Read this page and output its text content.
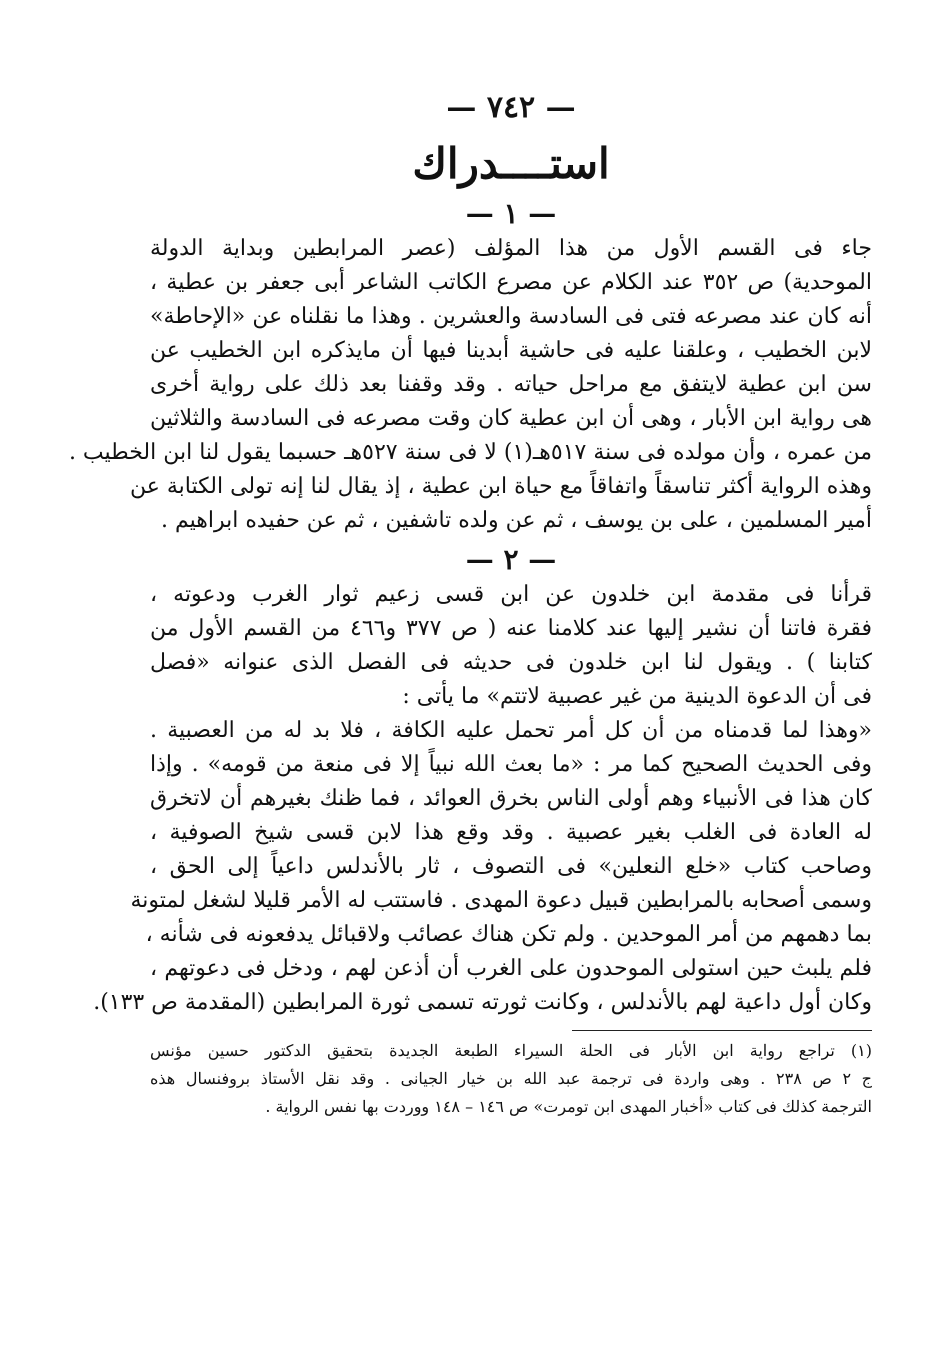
— ٧٤٢ —
استــــدراك
— ١ —
جاء فى القسم الأول من هذا المؤلف (عصر المرابطين وبداية الدولة
الموحدية) ص ٣٥٢ عند الكلام عن مصرع الكاتب الشاعر أبى جعفر بن عطية ،
أنه كان عند مصرعه فتى فى السادسة والعشرين . وهذا ما نقلناه عن «الإحاطة»
لابن الخطيب ، وعلقنا عليه فى حاشية أبدينا فيها أن مايذكره ابن الخطيب عن
سن ابن عطية لايتفق مع مراحل حياته . وقد وقفنا بعد ذلك على رواية أخرى
هى رواية ابن الأبار ، وهى أن ابن عطية كان وقت مصرعه فى السادسة والثلاثين
من عمره ، وأن مولده فى سنة ٥١٧هـ(١) لا فى سنة ٥٢٧هـ حسبما يقول لنا ابن الخطيب .
وهذه الرواية أكثر تناسقاً واتفاقاً مع حياة ابن عطية ، إذ يقال لنا إنه تولى الكتابة عن
أمير المسلمين ، على بن يوسف ، ثم عن ولده تاشفين ، ثم عن حفيده ابراهيم .
— ٢ —
قرأنا فى مقدمة ابن خلدون عن ابن قسى زعيم ثوار الغرب ودعوته ،
فقرة فاتنا أن نشير إليها عند كلامنا عنه ( ص ٣٧٧ و٤٦٦ من القسم الأول من
كتابنا ) . ويقول لنا ابن خلدون فى حديثه فى الفصل الذى عنوانه «فصل
فى أن الدعوة الدينية من غير عصبية لاتتم» ما يأتى :
«وهذا لما قدمناه من أن كل أمر تحمل عليه الكافة ، فلا بد له من العصبية .
وفى الحديث الصحيح كما مر : «ما بعث الله نبياً إلا فى منعة من قومه» . وإذا
كان هذا فى الأنبياء وهم أولى الناس بخرق العوائد ، فما ظنك بغيرهم أن لاتخرق
له العادة فى الغلب بغير عصبية . وقد وقع هذا لابن قسى شيخ الصوفية ،
وصاحب كتاب «خلع النعلين» فى التصوف ، ثار بالأندلس داعياً إلى الحق ،
وسمى أصحابه بالمرابطين قبيل دعوة المهدى . فاستتب له الأمر قليلا لشغل لمتونة
بما دهمهم من أمر الموحدين . ولم تكن هناك عصائب ولاقبائل يدفعونه فى شأنه ،
فلم يلبث حين استولى الموحدون على الغرب أن أذعن لهم ، ودخل فى دعوتهم ،
وكان أول داعية لهم بالأندلس ، وكانت ثورته تسمى ثورة المرابطين (المقدمة ص ١٣٣).
(١) تراجع رواية ابن الأبار فى الحلة السيراء الطبعة الجديدة بتحقيق الدكتور حسين مؤنس
ج ٢ ص ٢٣٨ . وهى واردة فى ترجمة عبد الله بن خيار الجيانى . وقد نقل الأستاذ بروفنسال هذه
الترجمة كذلك فى كتاب «أخبار المهدى ابن تومرت» ص ١٤٦ – ١٤٨ ووردت بها نفس الرواية .
